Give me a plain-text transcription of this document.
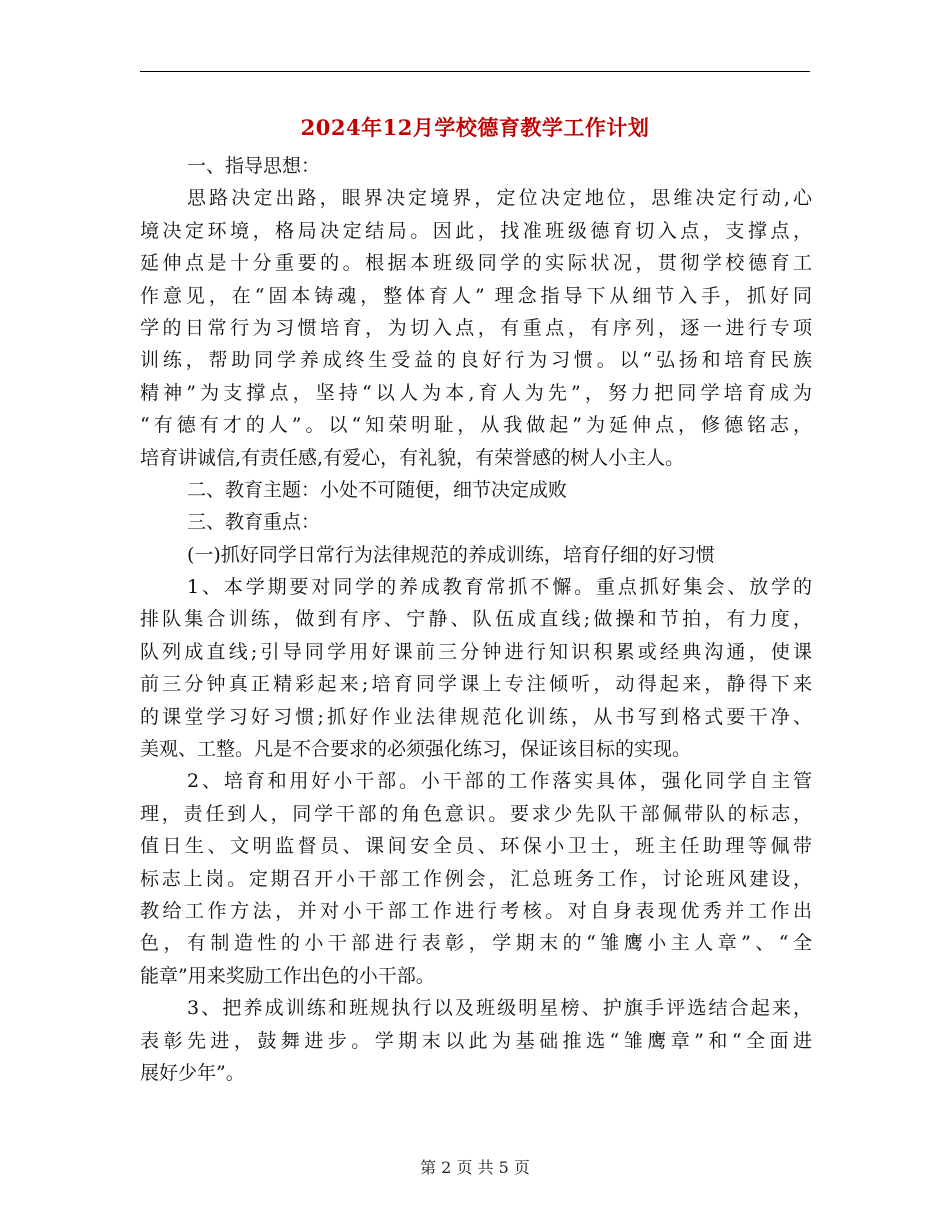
2024年12月学校德育教学工作计划
一、指导思想：
思路决定出路，眼界决定境界，定位决定地位，思维决定行动,心
境决定环境，格局决定结局。因此，找准班级德育切入点，支撑点，
延伸点是十分重要的。根据本班级同学的实际状况，贯彻学校德育工
作意见，在“固本铸魂，整体育人” 理念指导下从细节入手，抓好同
学的日常行为习惯培育，为切入点，有重点，有序列，逐一进行专项
训练，帮助同学养成终生受益的良好行为习惯。以“弘扬和培育民族
精神”为支撑点，坚持“以人为本,育人为先”，努力把同学培育成为
“有德有才的人”。以“知荣明耻，从我做起”为延伸点，修德铭志，
培育讲诚信,有责任感,有爱心，有礼貌，有荣誉感的树人小主人。
二、教育主题：小处不可随便，细节决定成败
三、教育重点：
(一)抓好同学日常行为法律规范的养成训练，培育仔细的好习惯
1、本学期要对同学的养成教育常抓不懈。重点抓好集会、放学的
排队集合训练，做到有序、宁静、队伍成直线;做操和节拍，有力度，
队列成直线;引导同学用好课前三分钟进行知识积累或经典沟通，使课
前三分钟真正精彩起来;培育同学课上专注倾听，动得起来，静得下来
的课堂学习好习惯;抓好作业法律规范化训练，从书写到格式要干净、
美观、工整。凡是不合要求的必须强化练习，保证该目标的实现。
2、培育和用好小干部。小干部的工作落实具体，强化同学自主管
理，责任到人，同学干部的角色意识。要求少先队干部佩带队的标志，
值日生、文明监督员、课间安全员、环保小卫士，班主任助理等佩带
标志上岗。定期召开小干部工作例会，汇总班务工作，讨论班风建设，
教给工作方法，并对小干部工作进行考核。对自身表现优秀并工作出
色，有制造性的小干部进行表彰，学期末的“雏鹰小主人章”、“全
能章”用来奖励工作出色的小干部。
3、把养成训练和班规执行以及班级明星榜、护旗手评选结合起来，
表彰先进，鼓舞进步。学期末以此为基础推选“雏鹰章”和“全面进
展好少年”。
第 2 页 共 5 页
